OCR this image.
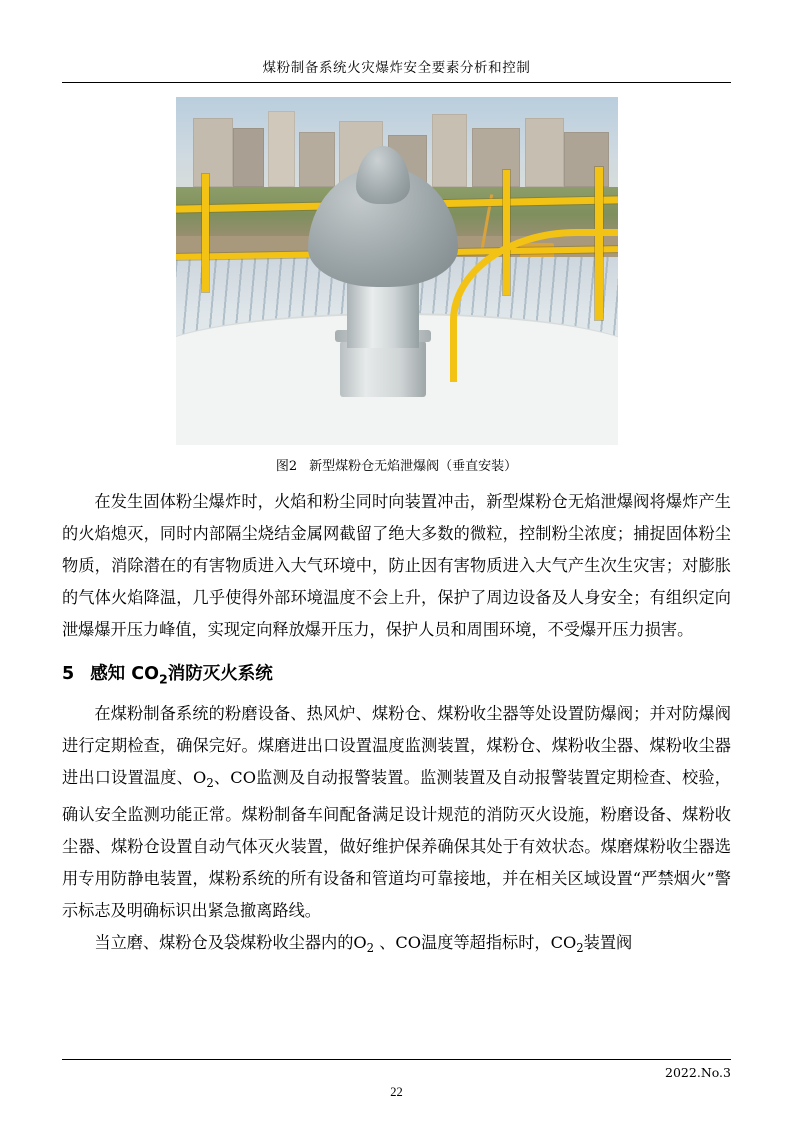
煤粉制备系统火灾爆炸安全要素分析和控制
图2 新型煤粉仓无焰泄爆阀（垂直安装）

在发生固体粉尘爆炸时，火焰和粉尘同时向装置冲击，新型煤粉仓无焰泄爆阀将爆炸产生的火焰熄灭，同时内部隔尘烧结金属网截留了绝大多数的微粒，控制粉尘浓度；捕捉固体粉尘物质，消除潜在的有害物质进入大气环境中，防止因有害物质进入大气产生次生灾害；对膨胀的气体火焰降温，几乎使得外部环境温度不会上升，保护了周边设备及人身安全；有组织定向泄爆爆开压力峰值，实现定向释放爆开压力，保护人员和周围环境，不受爆开压力损害。

5 感知 $CO_2$消防灭火系统

在煤粉制备系统的粉磨设备、热风炉、煤粉仓、煤粉收尘器等处设置防爆阀；并对防爆阀进行定期检查，确保完好。煤磨进出口设置温度监测装置，煤粉仓、煤粉收尘器、煤粉收尘器进出口设置温度、$O_2$、CO监测及自动报警装置。监测装置及自动报警装置定期检查、校验，确认安全监测功能正常。煤粉制备车间配备满足设计规范的消防灭火设施，粉磨设备、煤粉收尘器、煤粉仓设置自动气体灭火装置，做好维护保养确保其处于有效状态。煤磨煤粉收尘器选用专用防静电装置，煤粉系统的所有设备和管道均可靠接地，并在相关区域设置“严禁烟火”警示标志及明确标识出紧急撤离路线。

当立磨、煤粉仓及袋煤粉收尘器内的$O_2$ 、CO温度等超指标时，$CO_2$装置阀

2022.No.3
22
